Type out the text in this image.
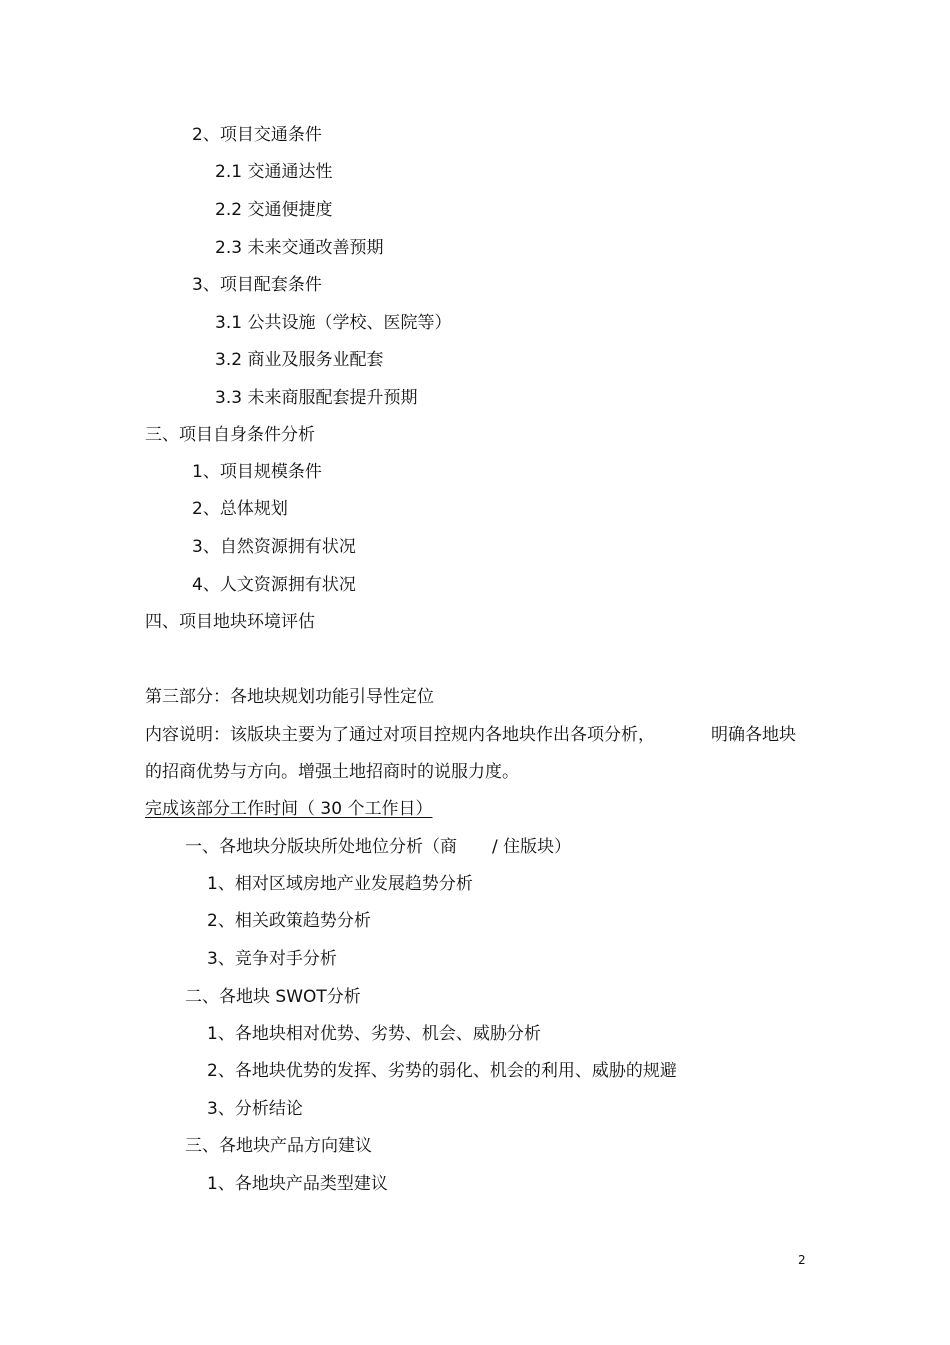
2、项目交通条件
2.1 交通通达性
2.2 交通便捷度
2.3 未来交通改善预期
3、项目配套条件
3.1 公共设施（学校、医院等）
3.2 商业及服务业配套
3.3 未来商服配套提升预期
三、项目自身条件分析
1、项目规模条件
2、总体规划
3、自然资源拥有状况
4、人文资源拥有状况
四、项目地块环境评估
第三部分：各地块规划功能引导性定位
内容说明：该版块主要为了通过对项目控规内各地块作出各项分析，	明确各地块
的招商优势与方向。增强土地招商时的说服力度。
完成该部分工作时间（ 30 个工作日）
一、各地块分版块所处地位分析（商 / 住版块）
1、相对区域房地产业发展趋势分析
2、相关政策趋势分析
3、竞争对手分析
二、各地块 SWOT分析
1、各地块相对优势、劣势、机会、威胁分析
2、各地块优势的发挥、劣势的弱化、机会的利用、威胁的规避
3、分析结论
三、各地块产品方向建议
1、各地块产品类型建议
2
